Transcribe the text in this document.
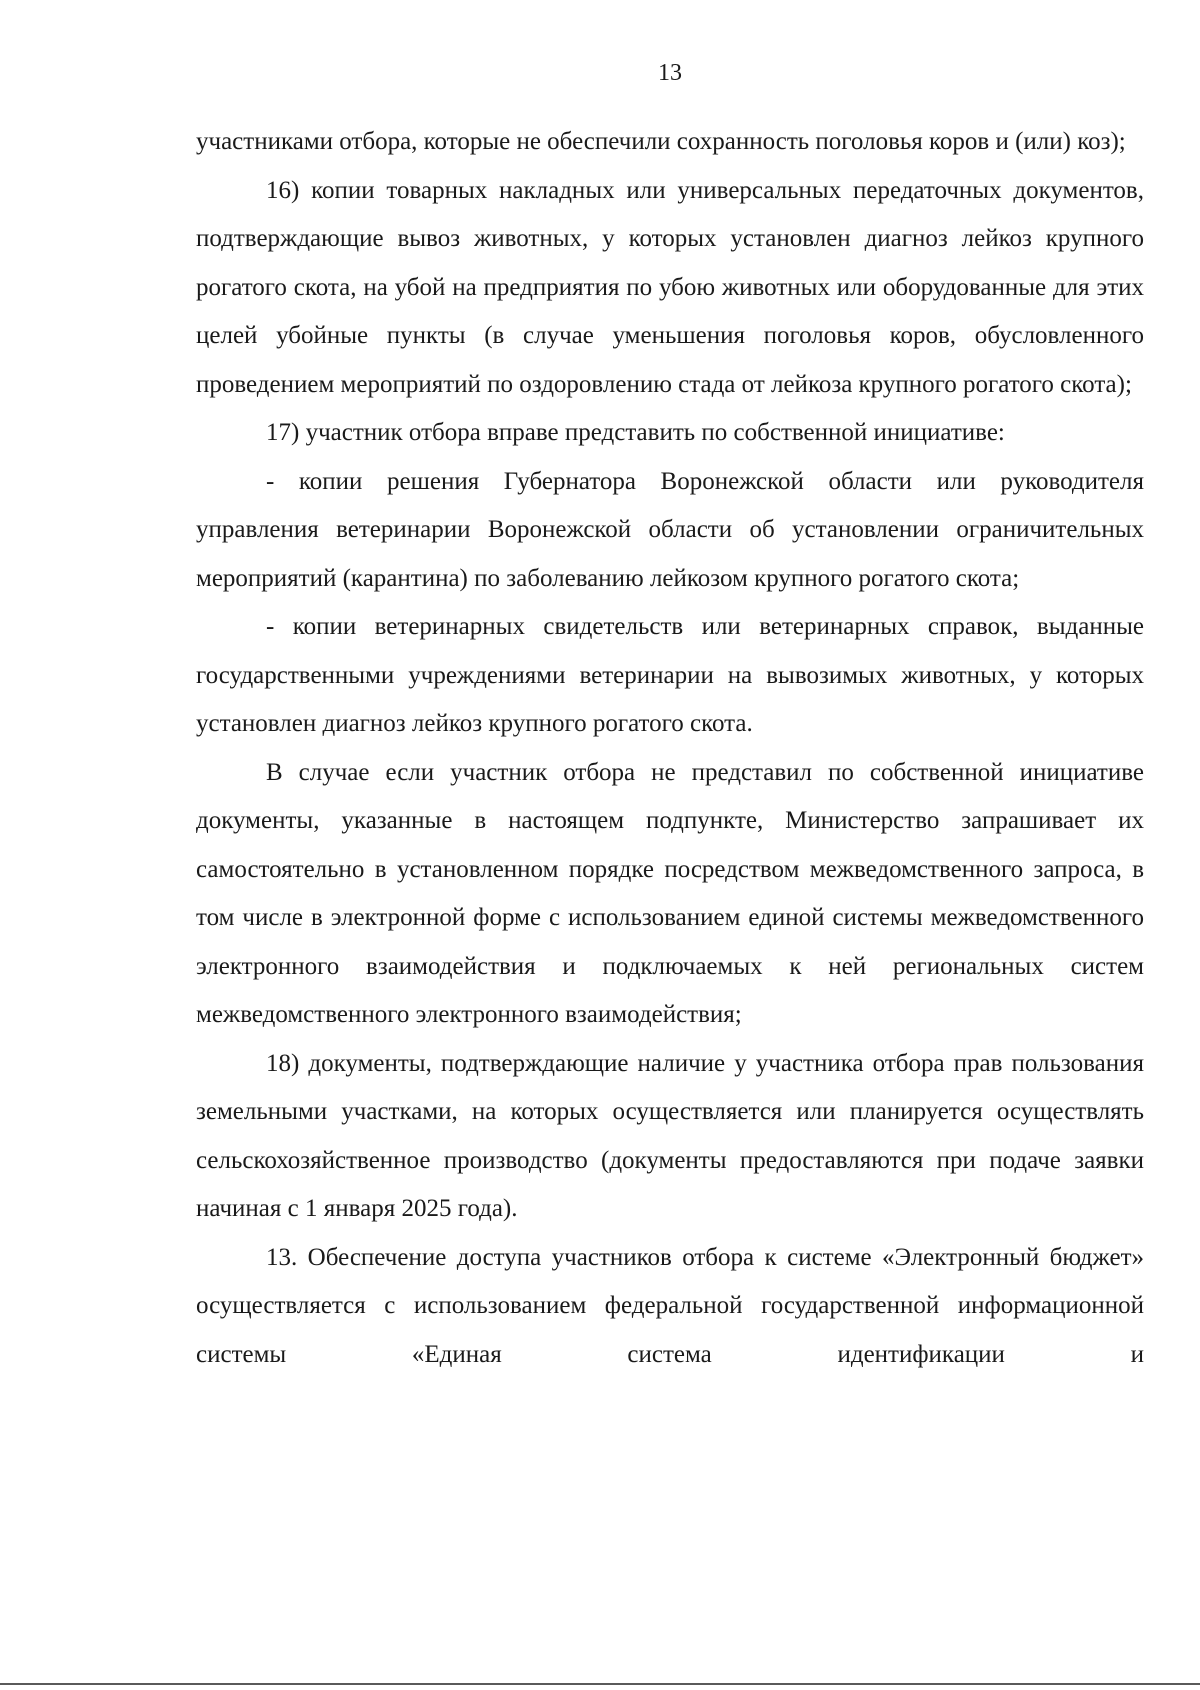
13

участниками отбора, которые не обеспечили сохранность поголовья коров и (или) коз);

16) копии товарных накладных или универсальных передаточных документов, подтверждающие вывоз животных, у которых установлен диагноз лейкоз крупного рогатого скота, на убой на предприятия по убою животных или оборудованные для этих целей убойные пункты (в случае уменьшения поголовья коров, обусловленного проведением мероприятий по оздоровлению стада от лейкоза крупного рогатого скота);

17) участник отбора вправе представить по собственной инициативе:

- копии решения Губернатора Воронежской области или руководителя управления ветеринарии Воронежской области об установлении ограничительных мероприятий (карантина) по заболеванию лейкозом крупного рогатого скота;

- копии ветеринарных свидетельств или ветеринарных справок, выданные государственными учреждениями ветеринарии на вывозимых животных, у которых установлен диагноз лейкоз крупного рогатого скота.

В случае если участник отбора не представил по собственной инициативе документы, указанные в настоящем подпункте, Министерство запрашивает их самостоятельно в установленном порядке посредством межведомственного запроса, в том числе в электронной форме с использованием единой системы межведомственного электронного взаимодействия и подключаемых к ней региональных систем межведомственного электронного взаимодействия;

18) документы, подтверждающие наличие у участника отбора прав пользования земельными участками, на которых осуществляется или планируется осуществлять сельскохозяйственное производство (документы предоставляются при подаче заявки начиная с 1 января 2025 года).

13. Обеспечение доступа участников отбора к системе «Электронный бюджет» осуществляется с использованием федеральной государственной информационной системы «Единая система идентификации и
